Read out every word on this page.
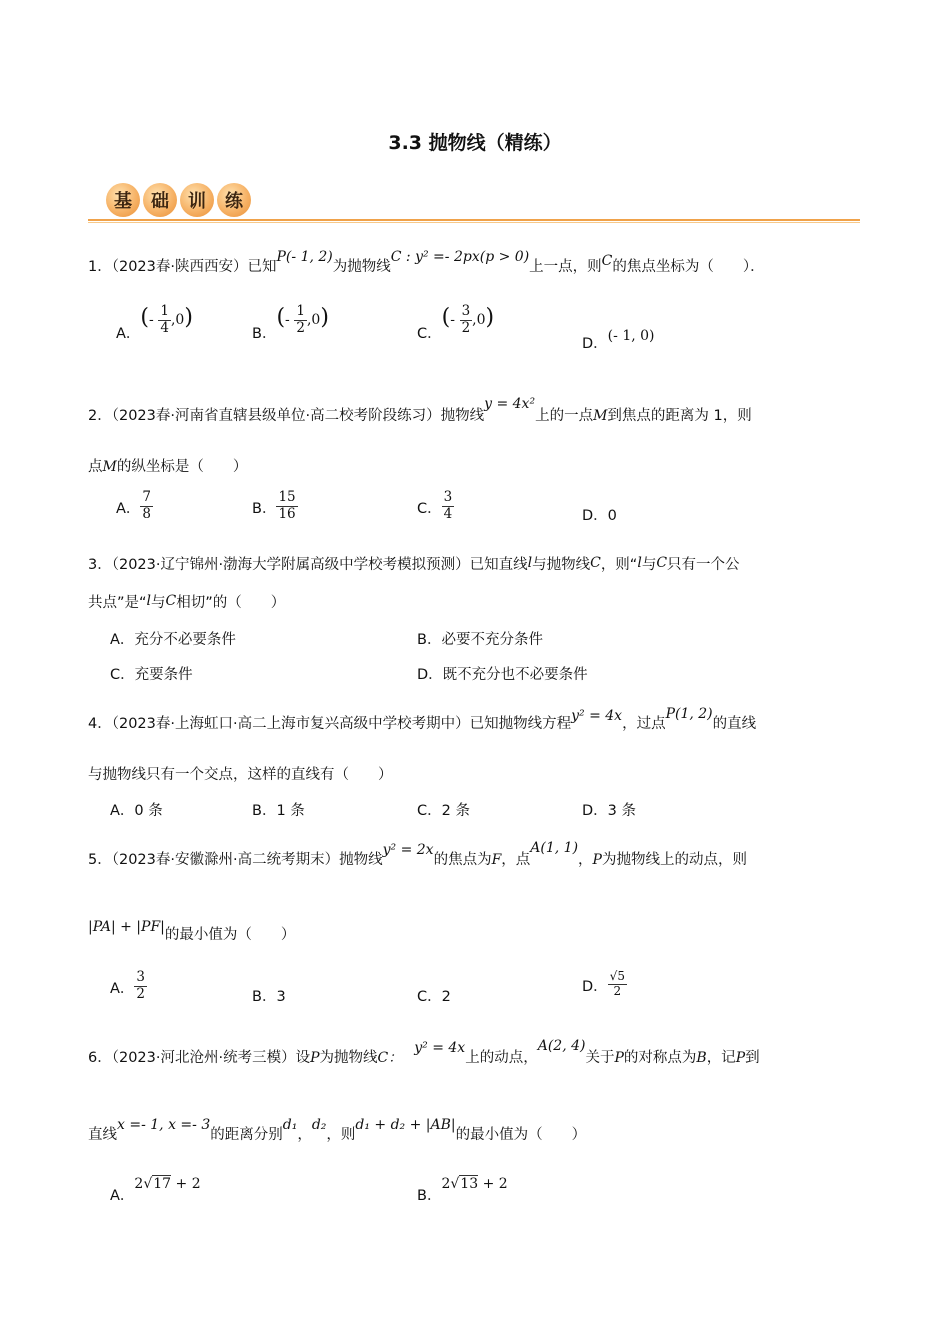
3.3 抛物线（精练）
基	础	训	练
1．（2023春·陕西西安）已知P(- 1, 2)为抛物线C : y² =- 2px(p > 0)上一点，则C的焦点坐标为（　　）．
A．(- $\frac{1}{4} ,0$)
B．(- $\frac{1}{2} ,0$)
C．(- $\frac{3}{2} ,0$)
D．(- 1, 0)
2．（2023春·河南省直辖县级单位·高二校考阶段练习）抛物线y = 4x²上的一点M到焦点的距离为 1，则
点M的纵坐标是（　　）
A． $\frac{7}{8}$	B． $\frac{15}{16}$	C． $\frac{3}{4}$	D．0
3．（2023·辽宁锦州·渤海大学附属高级中学校考模拟预测）已知直线l与抛物线C，则“l与C只有一个公
共点”是“l与C相切”的（　　）
A．充分不必要条件	B．必要不充分条件
C．充要条件	D．既不充分也不必要条件
4．（2023春·上海虹口·高二上海市复兴高级中学校考期中）已知抛物线方程y² = 4x，过点P(1, 2)的直线
与抛物线只有一个交点，这样的直线有（　　）
A．0 条	B．1 条	C．2 条	D．3 条
5．（2023春·安徽滁州·高二统考期末）抛物线y² = 2x的焦点为F，点A(1, 1)，P为抛物线上的动点，则
|PA| + |PF|的最小值为（　　）
A． $\frac{3}{2}$	B．3	C．2
D． $\frac{√5}{2}$
6．（2023·河北沧州·统考三模）设P为抛物线C：y² = 4x上的动点，A(2, 4)关于P的对称点为B，记P到
直线x =- 1, x =- 3的距离分别d₁，d₂，则d₁ + d₂ + |AB|的最小值为（　　）
A．2√17 + 2
B．2√13 + 2
